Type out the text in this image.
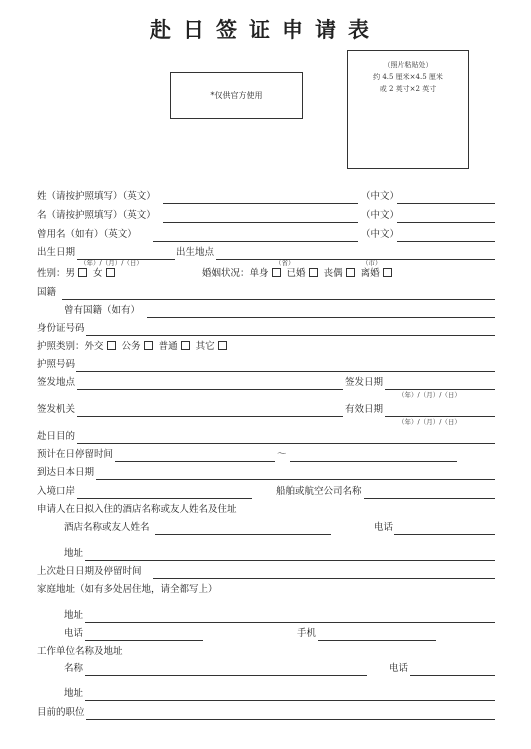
赴日签证申请表
*仅供官方使用
（照片粘贴处）
约 4.5 厘米×4.5 厘米
或 2 英寸×2 英寸
姓（请按护照填写）（英文）	（中文）
名（请按护照填写）（英文）	（中文）
曾用名（如有）（英文）	（中文）
出生日期	出生地点
（年）/（月）/（日）	（省）	（市）
性别：男 女	婚姻状况：单身 已婚 丧偶 离婚
国籍
曾有国籍（如有）
身份证号码
护照类别：外交 公务 普通 其它
护照号码
签发地点	签发日期
（年）/（月）/（日）
签发机关	有效日期
（年）/（月）/（日）
赴日目的
预计在日停留时间	～
到达日本日期
入境口岸	船舶或航空公司名称
申请人在日拟入住的酒店名称或友人姓名及住址
酒店名称或友人姓名	电话
地址
上次赴日日期及停留时间
家庭地址（如有多处居住地，请全都写上）
地址
电话	手机
工作单位名称及地址
名称	电话
地址
目前的职位
